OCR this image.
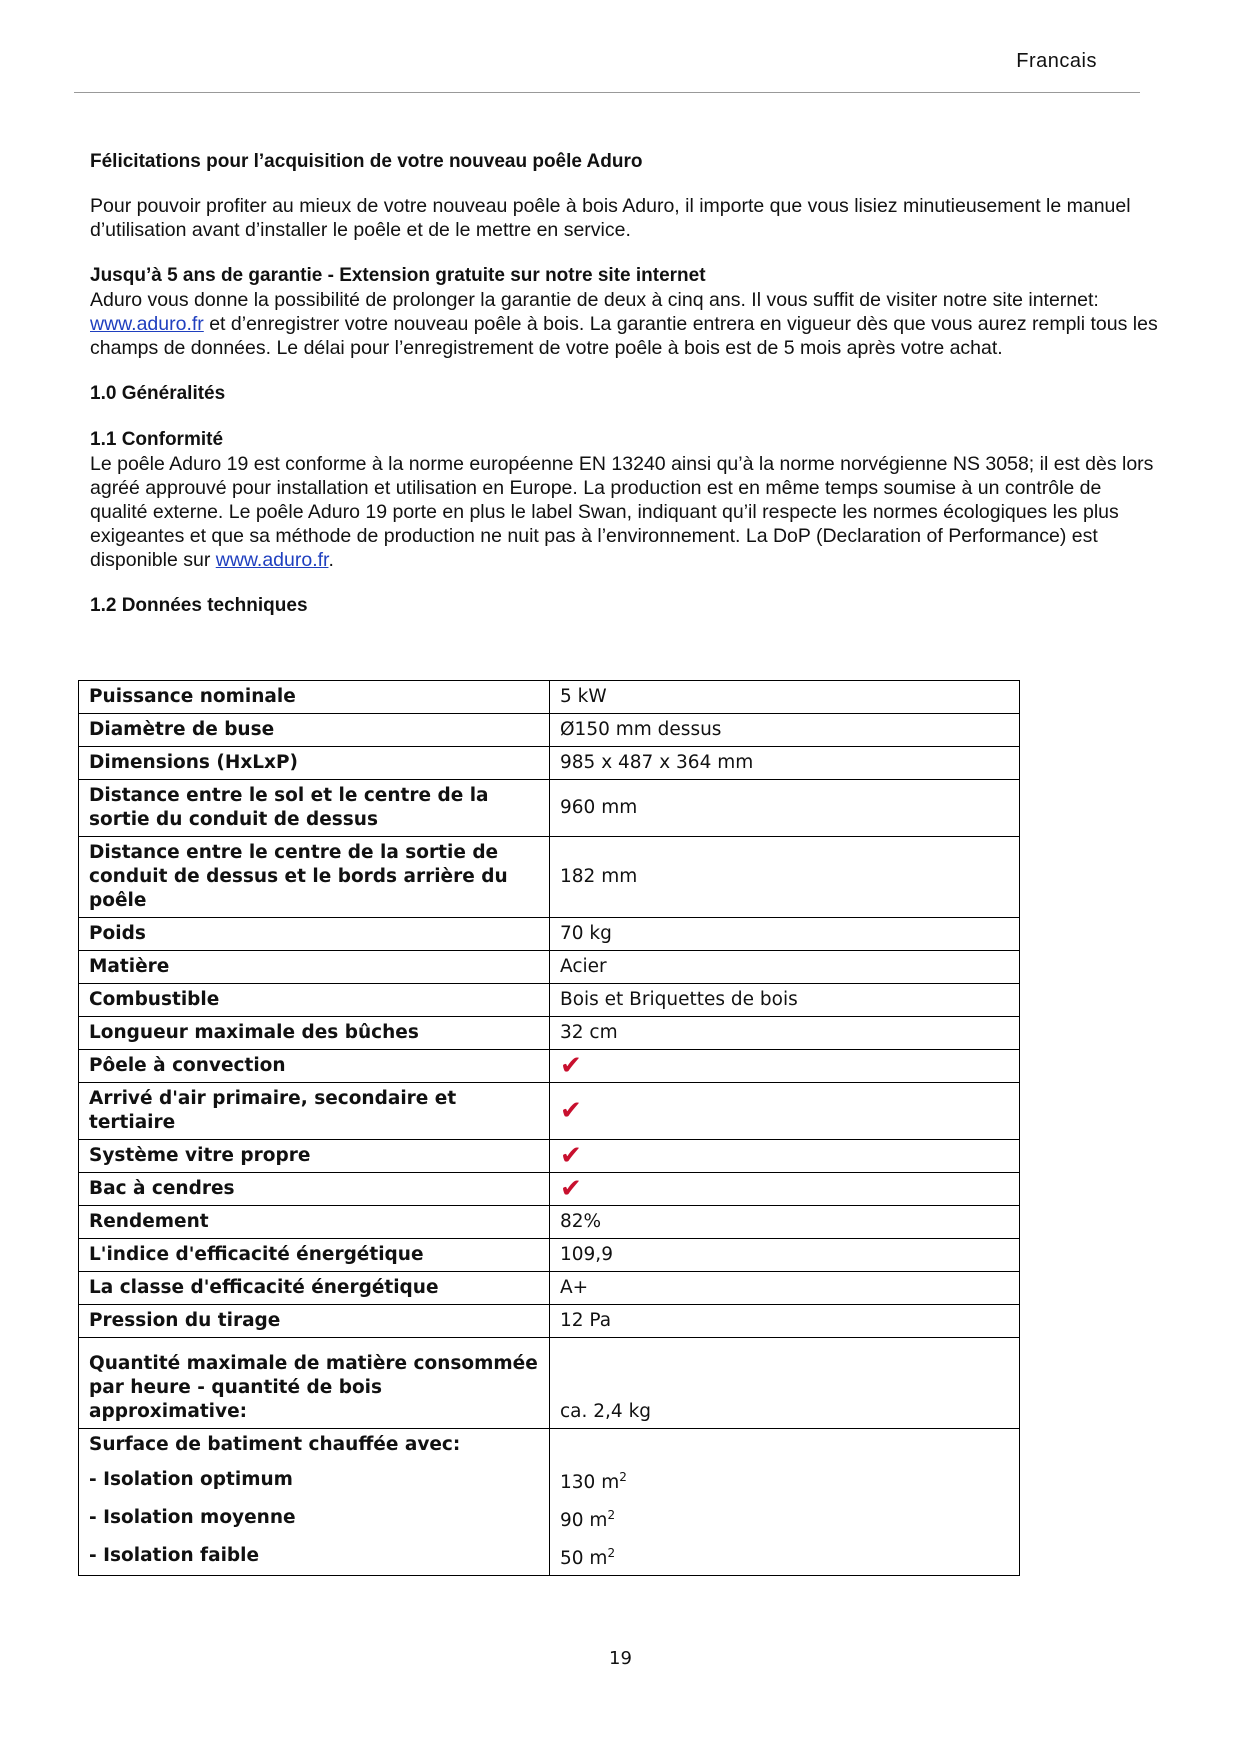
Francais
Félicitations pour l’acquisition de votre nouveau poêle Aduro

Pour pouvoir profiter au mieux de votre nouveau poêle à bois Aduro, il importe que vous lisiez minutieusement le manuel d’utilisation avant d’installer le poêle et de le mettre en service.

Jusqu’à 5 ans de garantie - Extension gratuite sur notre site internet

Aduro vous donne la possibilité de prolonger la garantie de deux à cinq ans. Il vous suffit de visiter notre site internet: www.aduro.fr et d’enregistrer votre nouveau poêle à bois. La garantie entrera en vigueur dès que vous aurez rempli tous les champs de données. Le délai pour l’enregistrement de votre poêle à bois est de 5 mois après votre achat.

1.0 Généralités
1.1 Conformité

Le poêle Aduro 19 est conforme à la norme européenne EN 13240 ainsi qu’à la norme norvégienne NS 3058; il est dès lors agréé approuvé pour installation et utilisation en Europe. La production est en même temps soumise à un contrôle de qualité externe. Le poêle Aduro 19 porte en plus le label Swan, indiquant qu’il respecte les normes écologiques les plus exigeantes et que sa méthode de production ne nuit pas à l’environnement. La DoP (Declaration of Performance) est disponible sur www.aduro.fr.

1.2 Données techniques
Puissance nominale	5 kW
Diamètre de buse	Ø150 mm dessus
Dimensions (HxLxP)	985 x 487 x 364 mm
Distance entre le sol et le centre de la sortie du conduit de dessus	960 mm
Distance entre le centre de la sortie de conduit de dessus et le bords arrière du poêle	182 mm
Poids	70 kg
Matière	Acier
Combustible	Bois et Briquettes de bois
Longueur maximale des bûches	32 cm
Pôele à convection	✔
Arrivé d'air primaire, secondaire et tertiaire	✔
Système vitre propre	✔
Bac à cendres	✔
Rendement	82%
L'indice d'efficacité énergétique	109,9
La classe d'efficacité énergétique	A+
Pression du tirage	12 Pa
Quantité maximale de matière consommée par heure - quantité de bois approximative:	ca. 2,4 kg
Surface de batiment chauffée avec:	
- Isolation optimum	130 $m^2$
- Isolation moyenne	90 $m^2$
- Isolation faible	50 $m^2$
19
